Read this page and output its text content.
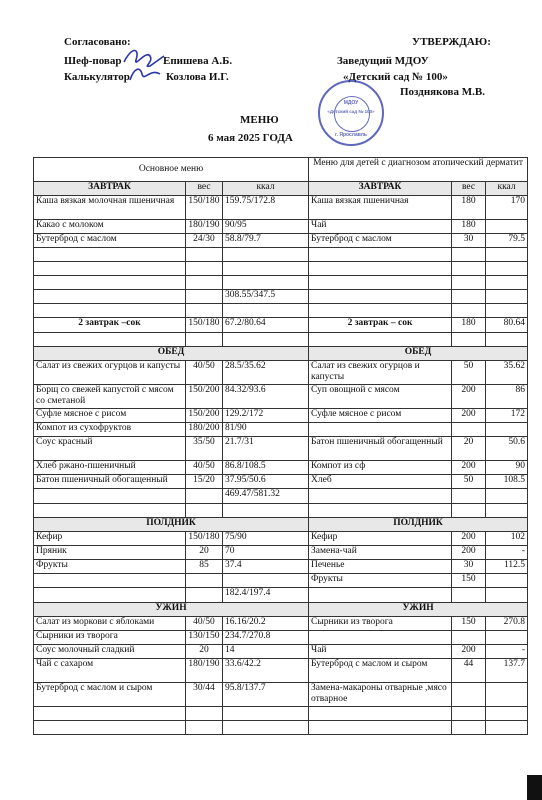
Согласовано:
Шеф-повар	Епишева А.Б.
Калькулятор	Козлова И.Г.
УТВЕРЖДАЮ:
Заведущий МДОУ
«Детский сад № 100»
Позднякова М.В.
МЕНЮ
6 мая 2025 ГОДА
МДОУ
«Детский сад № 100»
г. Ярославль
Основное меню			Меню для детей с диагнозом атопический дерматит		
ЗАВТРАК	вес	ккал	ЗАВТРАК	вес	ккал
Каша вязкая молочная пшеничная	150/180	159.75/172.8	Каша вязкая пшеничная	180	170
Какао с молоком	180/190	90/95	Чай	180	
Бутерброд с маслом	24/30	58.8/79.7	Бутерброд с маслом	30	79.5

		308.55/347.5			

2 завтрак –сок	150/180	67.2/80.64	2 завтрак – сок	180	80.64

ОБЕД			ОБЕД		
Салат из свежих огурцов и капусты	40/50	28.5/35.62	Салат из свежих огурцов и капусты	50	35.62
Борщ со свежей капустой с мясом со сметаной	150/200	84.32/93.6	Суп овощной с мясом	200	86
Суфле мясное с рисом	150/200	129.2/172	Суфле мясное с рисом	200	172
Компот из сухофруктов	180/200	81/90			
Соус красный	35/50	21.7/31	Батон пшеничный обогащенный	20	50.6
Хлеб ржано-пшеничный	40/50	86.8/108.5	Компот из сф	200	90
Батон пшеничный обогащенный	15/20	37.95/50.6	Хлеб	50	108.5
		469.47/581.32			

ПОЛДНИК			ПОЛДНИК		
Кефир	150/180	75/90	Кефир	200	102
Пряник	20	70	Замена-чай	200	-
Фрукты	85	37.4	Печенье	30	112.5
			Фрукты	150	
		182.4/197.4			
УЖИН			УЖИН		
Салат из моркови с яблоками	40/50	16.16/20.2	Сырники из творога	150	270.8
Сырники из творога	130/150	234.7/270.8			
Соус молочный сладкий	20	14	Чай	200	-
Чай с сахаром	180/190	33.6/42.2	Бутерброд с маслом и сыром	44	137.7
Бутерброд с маслом и сыром	30/44	95.8/137.7	Замена-макароны отварные ,мясо отварное		
